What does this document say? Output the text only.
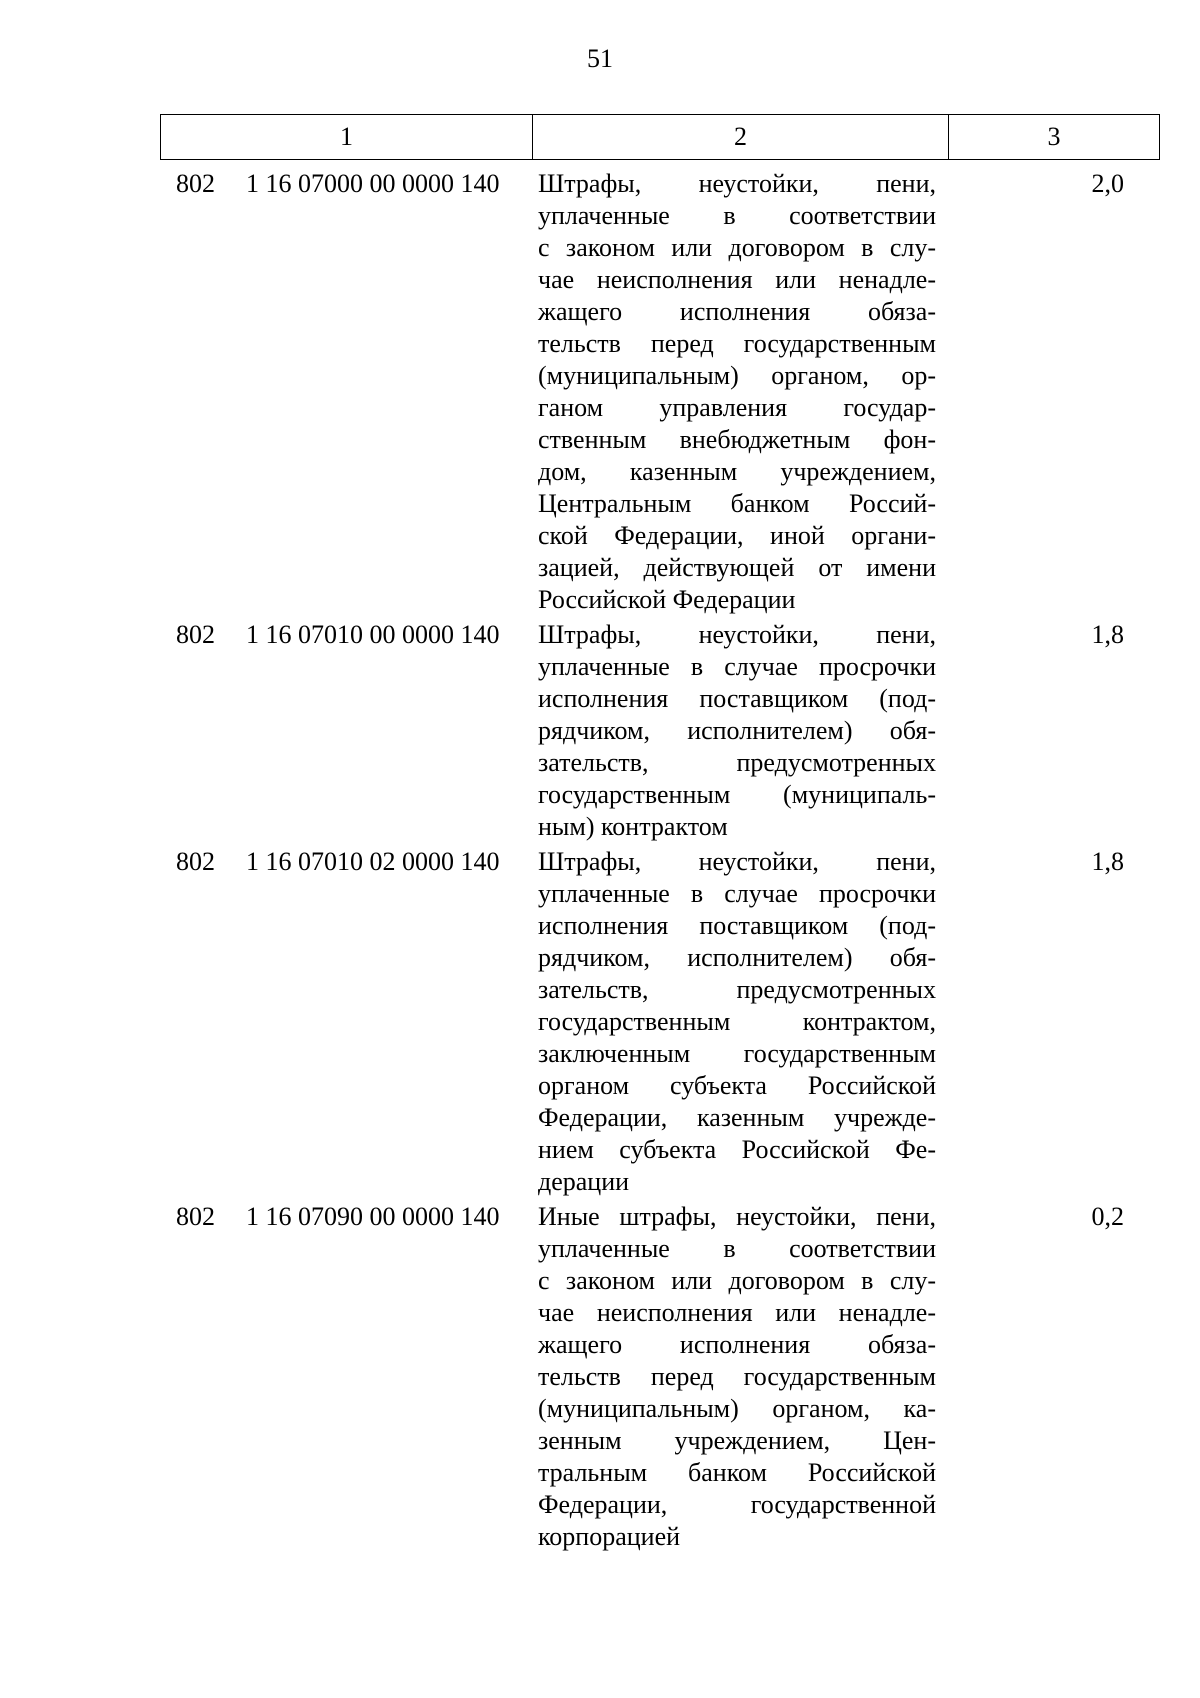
51
1	2	3
802 1 16 07000 00 0000 140 Штрафы, неустойки, пени,
уплаченные в соответствии
с законом или договором в слу-
чае неисполнения или ненадле-
жащего исполнения обяза-
тельств перед государственным
(муниципальным) органом, ор-
ганом управления государ-
ственным внебюджетным фон-
дом, казенным учреждением,
Центральным банком Россий-
ской Федерации, иной органи-
зацией, действующей от имени
Российской Федерации
2,0
802 1 16 07010 00 0000 140 Штрафы, неустойки, пени,
уплаченные в случае просрочки
исполнения поставщиком (под-
рядчиком, исполнителем) обя-
зательств, предусмотренных
государственным (муниципаль-
ным) контрактом
1,8
802 1 16 07010 02 0000 140 Штрафы, неустойки, пени,
уплаченные в случае просрочки
исполнения поставщиком (под-
рядчиком, исполнителем) обя-
зательств, предусмотренных
государственным контрактом,
заключенным государственным
органом субъекта Российской
Федерации, казенным учрежде-
нием субъекта Российской Фе-
дерации
1,8
802 1 16 07090 00 0000 140 Иные штрафы, неустойки, пени,
уплаченные в соответствии
с законом или договором в слу-
чае неисполнения или ненадле-
жащего исполнения обяза-
тельств перед государственным
(муниципальным) органом, ка-
зенным учреждением, Цен-
тральным банком Российской
Федерации, государственной
корпорацией
0,2
